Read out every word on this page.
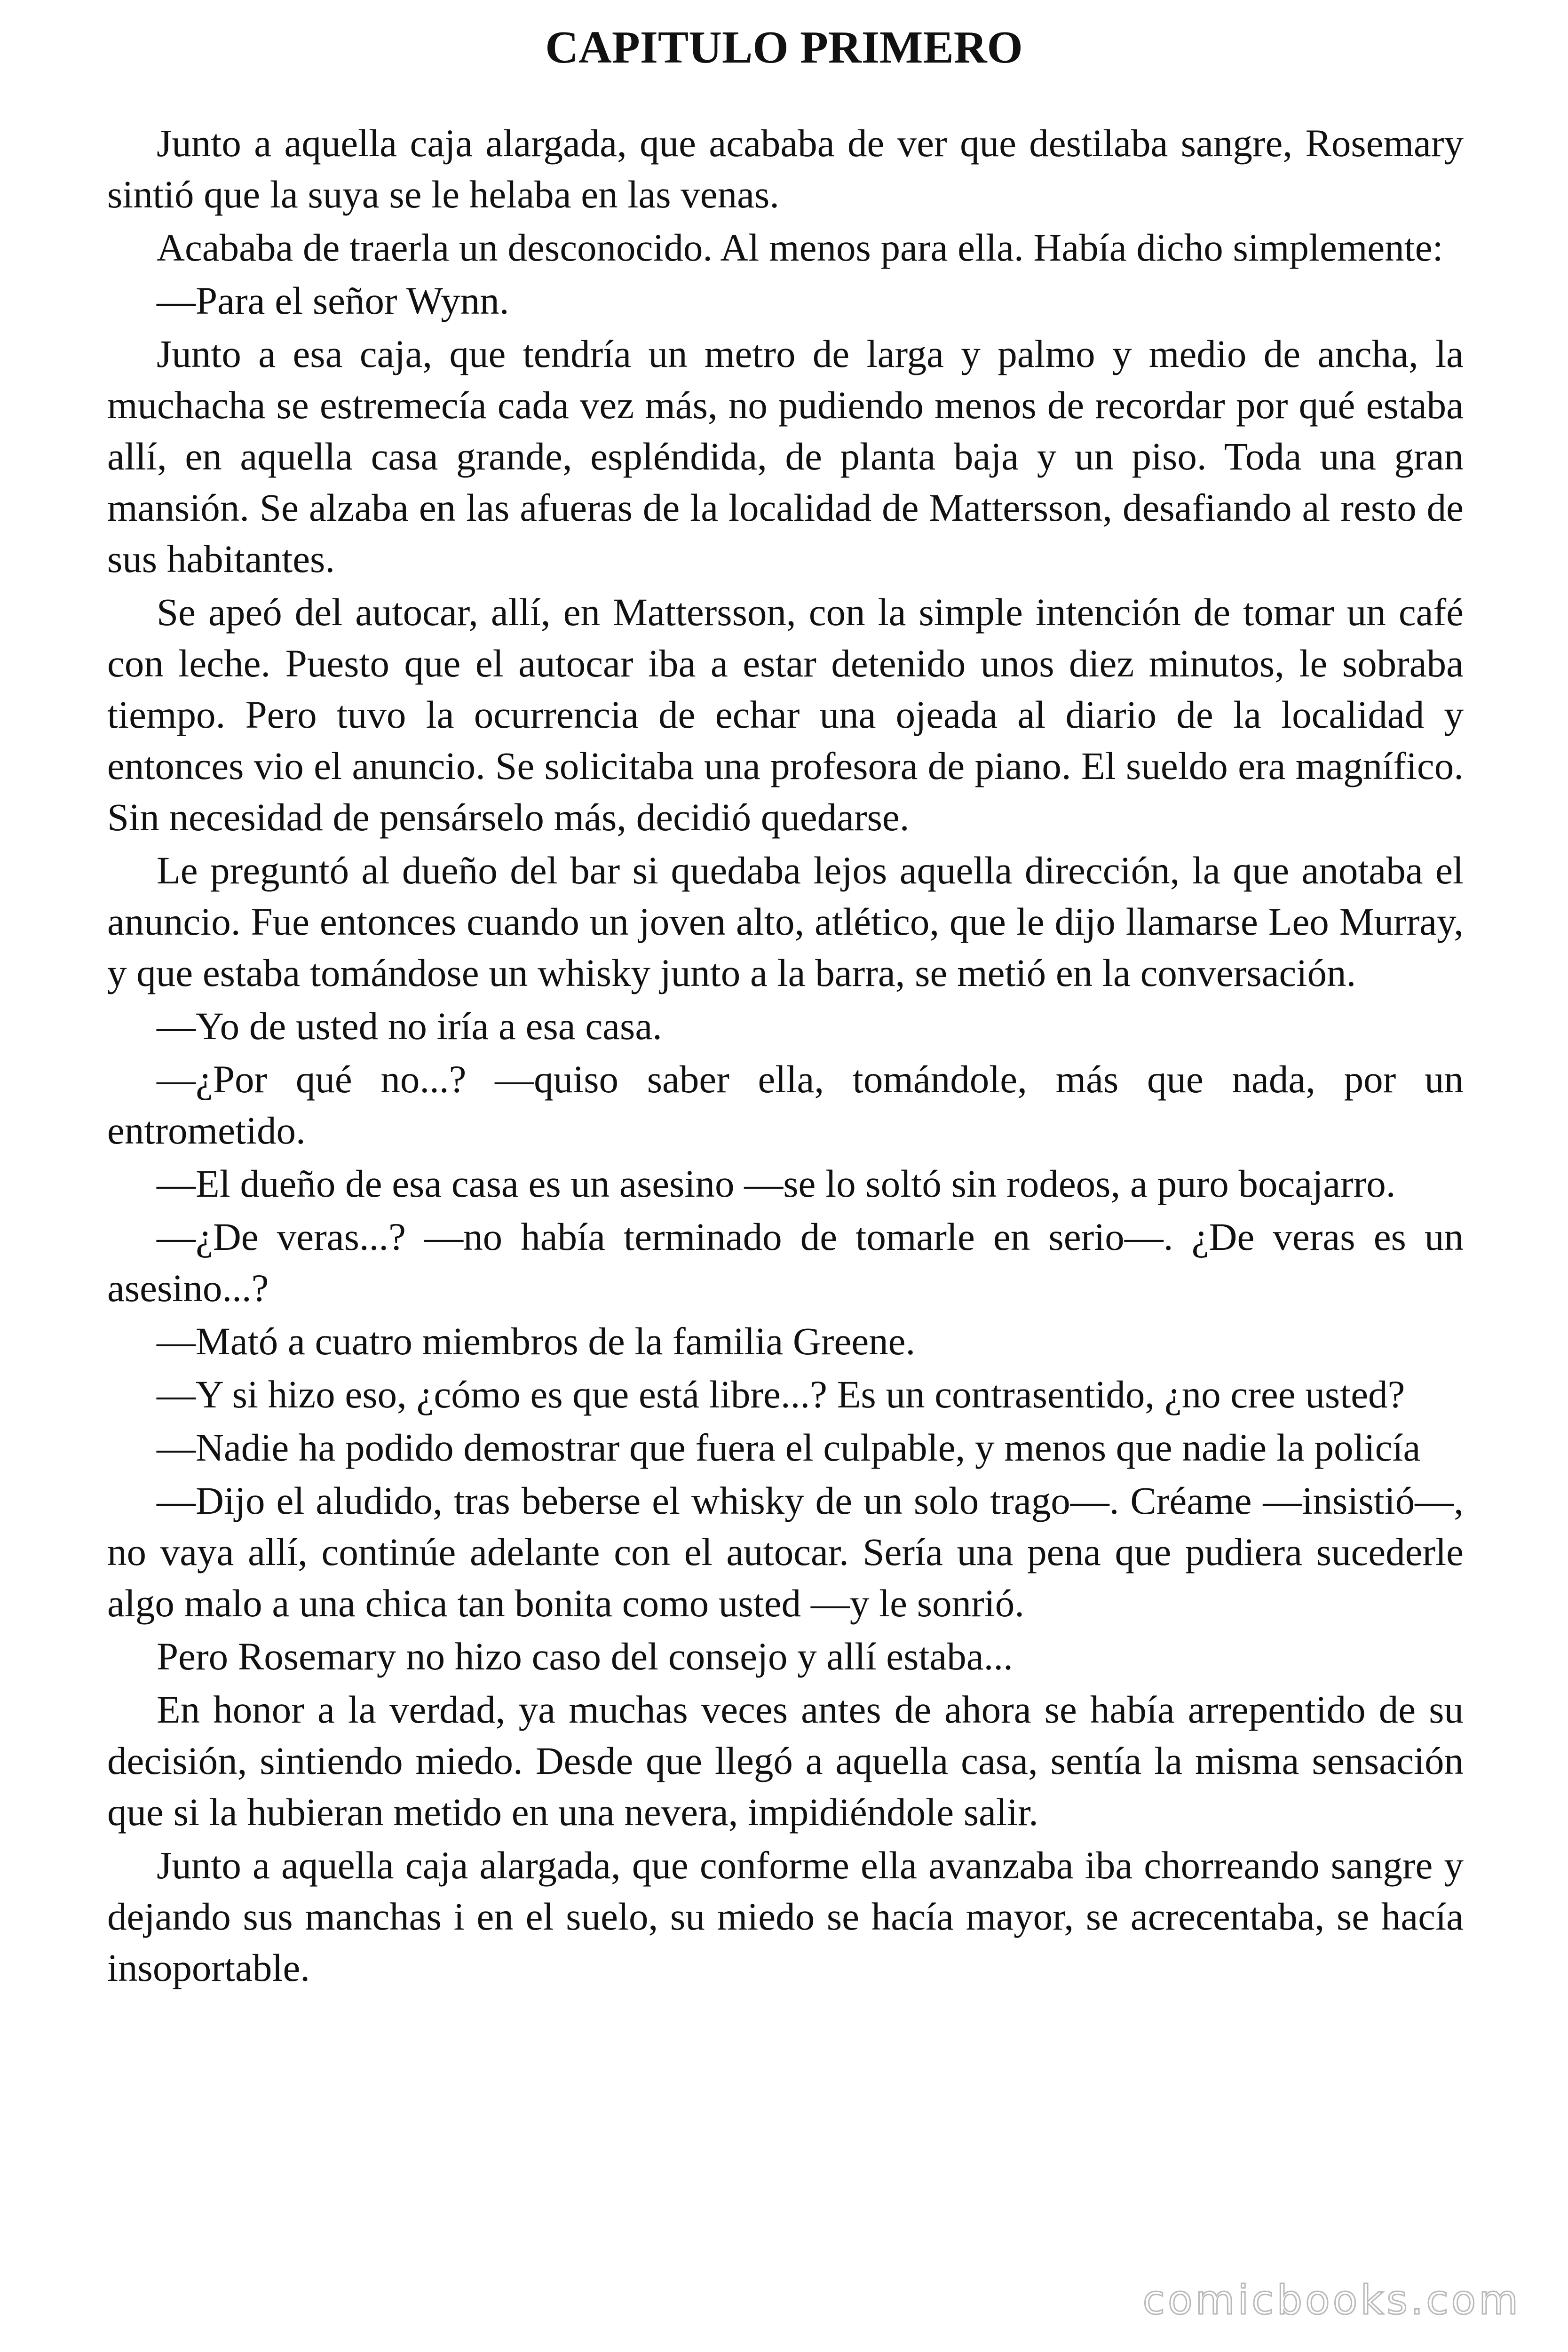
CAPITULO PRIMERO

Junto a aquella caja alargada, que acababa de ver que destilaba sangre, Rosemary sintió que la suya se le helaba en las venas.

Acababa de traerla un desconocido. Al menos para ella. Había dicho simplemente:

—Para el señor Wynn.

Junto a esa caja, que tendría un metro de larga y palmo y medio de ancha, la muchacha se estremecía cada vez más, no pudiendo menos de recordar por qué estaba allí, en aquella casa grande, espléndida, de planta baja y un piso. Toda una gran mansión. Se alzaba en las afueras de la localidad de Mattersson, desafiando al resto de sus habitantes.

Se apeó del autocar, allí, en Mattersson, con la simple intención de tomar un café con leche. Puesto que el autocar iba a estar detenido unos diez minutos, le sobraba tiempo. Pero tuvo la ocurrencia de echar una ojeada al diario de la localidad y entonces vio el anuncio. Se solicitaba una profesora de piano. El sueldo era magnífico. Sin necesidad de pensárselo más, decidió quedarse.

Le preguntó al dueño del bar si quedaba lejos aquella dirección, la que anotaba el anuncio. Fue entonces cuando un joven alto, atlético, que le dijo llamarse Leo Murray, y que estaba tomándose un whisky junto a la barra, se metió en la conversación.

—Yo de usted no iría a esa casa.

—¿Por qué no...? —quiso saber ella, tomándole, más que nada, por un entrometido.

—El dueño de esa casa es un asesino —se lo soltó sin rodeos, a puro bocajarro.

—¿De veras...? —no había terminado de tomarle en serio—. ¿De veras es un asesino...?

—Mató a cuatro miembros de la familia Greene.

—Y si hizo eso, ¿cómo es que está libre...? Es un contrasentido, ¿no cree usted?

—Nadie ha podido demostrar que fuera el culpable, y menos que nadie la policía

—Dijo el aludido, tras beberse el whisky de un solo trago—. Créame —insistió—, no vaya allí, continúe adelante con el autocar. Sería una pena que pudiera sucederle algo malo a una chica tan bonita como usted —y le sonrió.

Pero Rosemary no hizo caso del consejo y allí estaba...

En honor a la verdad, ya muchas veces antes de ahora se había arrepentido de su decisión, sintiendo miedo. Desde que llegó a aquella casa, sentía la misma sensación que si la hubieran metido en una nevera, impidiéndole salir.

Junto a aquella caja alargada, que conforme ella avanzaba iba chorreando sangre y dejando sus manchas i en el suelo, su miedo se hacía mayor, se acrecentaba, se hacía insoportable.

comicbooks.com
